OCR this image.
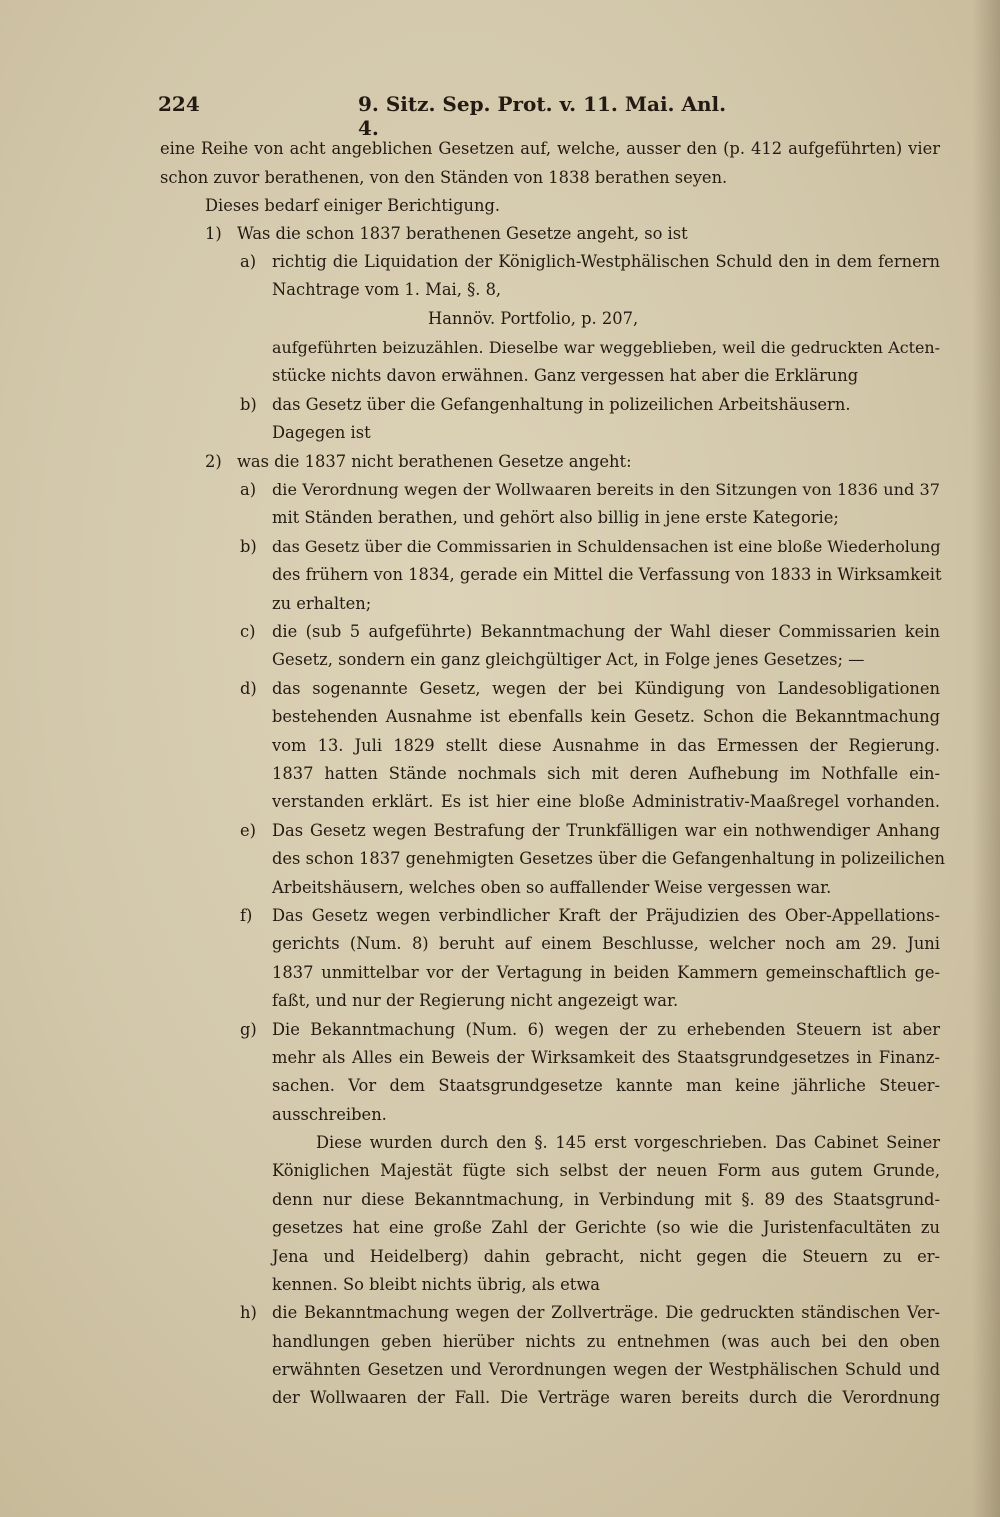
224	9. Sitz. Sep. Prot. v. 11. Mai. Anl. 4.
eine Reihe von acht angeblichen Gesetzen auf, welche, ausser den (p. 412 aufgeführten) vier
schon zuvor berathenen, von den Ständen von 1838 berathen seyen.
Dieses bedarf einiger Berichtigung.
1) Was die schon 1837 berathenen Gesetze angeht, so ist
a) richtig die Liquidation der Königlich-Westphälischen Schuld den in dem fernern
Nachtrage vom 1. Mai, §. 8,
Hannöv. Portfolio, p. 207,
aufgeführten beizuzählen. Dieselbe war weggeblieben, weil die gedruckten Acten-
stücke nichts davon erwähnen. Ganz vergessen hat aber die Erklärung
b) das Gesetz über die Gefangenhaltung in polizeilichen Arbeitshäusern.
Dagegen ist
2) was die 1837 nicht berathenen Gesetze angeht:
a) die Verordnung wegen der Wollwaaren bereits in den Sitzungen von 1836 und 37
mit Ständen berathen, und gehört also billig in jene erste Kategorie;
b) das Gesetz über die Commissarien in Schuldensachen ist eine bloße Wiederholung
des frühern von 1834, gerade ein Mittel die Verfassung von 1833 in Wirksamkeit
zu erhalten;
c) die (sub 5 aufgeführte) Bekanntmachung der Wahl dieser Commissarien kein
Gesetz, sondern ein ganz gleichgültiger Act, in Folge jenes Gesetzes; —
d) das sogenannte Gesetz, wegen der bei Kündigung von Landesobligationen
bestehenden Ausnahme ist ebenfalls kein Gesetz. Schon die Bekanntmachung
vom 13. Juli 1829 stellt diese Ausnahme in das Ermessen der Regierung.
1837 hatten Stände nochmals sich mit deren Aufhebung im Nothfalle ein-
verstanden erklärt. Es ist hier eine bloße Administrativ-Maaßregel vorhanden.
e) Das Gesetz wegen Bestrafung der Trunkfälligen war ein nothwendiger Anhang
des schon 1837 genehmigten Gesetzes über die Gefangenhaltung in polizeilichen
Arbeitshäusern, welches oben so auffallender Weise vergessen war.
f) Das Gesetz wegen verbindlicher Kraft der Präjudizien des Ober-Appellations-
gerichts (Num. 8) beruht auf einem Beschlusse, welcher noch am 29. Juni
1837 unmittelbar vor der Vertagung in beiden Kammern gemeinschaftlich ge-
faßt, und nur der Regierung nicht angezeigt war.
g) Die Bekanntmachung (Num. 6) wegen der zu erhebenden Steuern ist aber
mehr als Alles ein Beweis der Wirksamkeit des Staatsgrundgesetzes in Finanz-
sachen. Vor dem Staatsgrundgesetze kannte man keine jährliche Steuer-
ausschreiben.
Diese wurden durch den §. 145 erst vorgeschrieben. Das Cabinet Seiner
Königlichen Majestät fügte sich selbst der neuen Form aus gutem Grunde,
denn nur diese Bekanntmachung, in Verbindung mit §. 89 des Staatsgrund-
gesetzes hat eine große Zahl der Gerichte (so wie die Juristenfacultäten zu
Jena und Heidelberg) dahin gebracht, nicht gegen die Steuern zu er-
kennen. So bleibt nichts übrig, als etwa
h) die Bekanntmachung wegen der Zollverträge. Die gedruckten ständischen Ver-
handlungen geben hierüber nichts zu entnehmen (was auch bei den oben
erwähnten Gesetzen und Verordnungen wegen der Westphälischen Schuld und
der Wollwaaren der Fall. Die Verträge waren bereits durch die Verordnung
